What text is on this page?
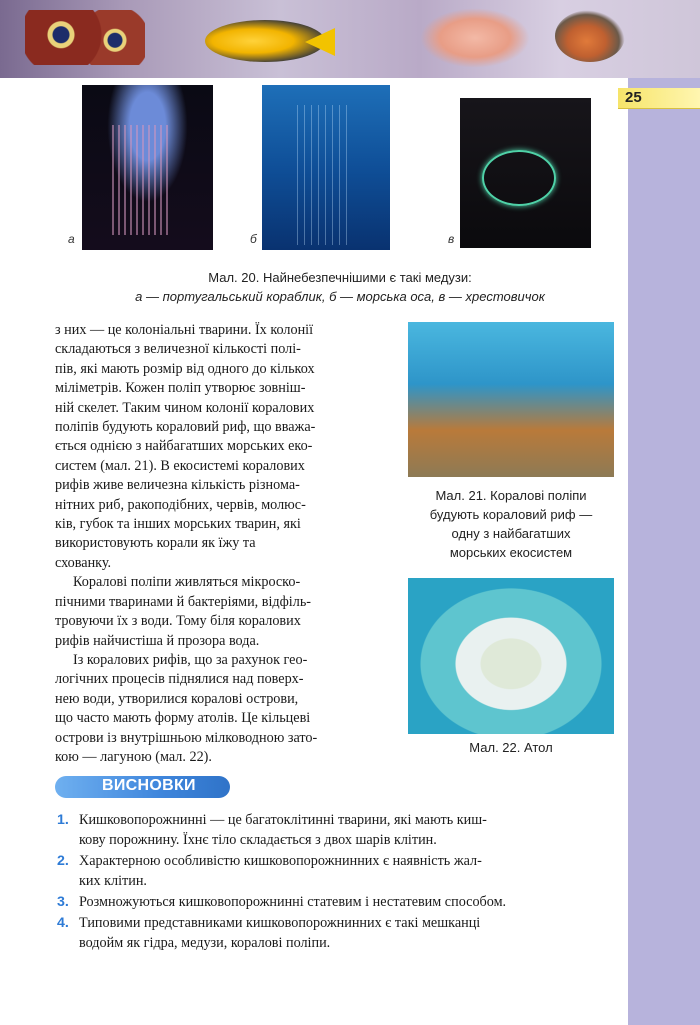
25
а	б	в
Мал. 20. Найнебезпечнішими є такі медузи:
а — португальський кораблик, б — морська оса, в — хрестовичок

з них — це колоніальні тварини. Їх колонії
складаються з величезної кількості полі-
пів, які мають розмір від одного до кількох
міліметрів. Кожен поліп утворює зовніш-
ній скелет. Таким чином колонії коралових
поліпів будують кораловий риф, що вважа-
ється однією з найбагатших морських еко-
систем (мал. 21). В екосистемі коралових
рифів живе величезна кількість різнома-
нітних риб, ракоподібних, червів, молюс-
ків, губок та інших морських тварин, які
використовують корали як їжу та
схованку.

Коралові поліпи живляться мікроско-
пічними тваринами й бактеріями, відфіль-
тровуючи їх з води. Тому біля коралових
рифів найчистіша й прозора вода.

Із коралових рифів, що за рахунок гео-
логічних процесів піднялися над поверх-
нею води, утворилися коралові острови,
що часто мають форму атолів. Це кільцеві
острови із внутрішньою мілководною зато-
кою — лагуною (мал. 22).

Мал. 21. Коралові поліпи
будують кораловий риф —
одну з найбагатших
морських екосистем
Мал. 22. Атол
ВИСНОВКИ
1. Кишковопорожнинні — це багатоклітинні тварини, які мають киш-
кову порожнину. Їхнє тіло складається з двох шарів клітин.
2. Характерною особливістю кишковопорожнинних є наявність жал-
ких клітин.
3. Розмножуються кишковопорожнинні статевим і нестатевим способом.
4. Типовими представниками кишковопорожнинних є такі мешканці
водойм як гідра, медузи, коралові поліпи.
